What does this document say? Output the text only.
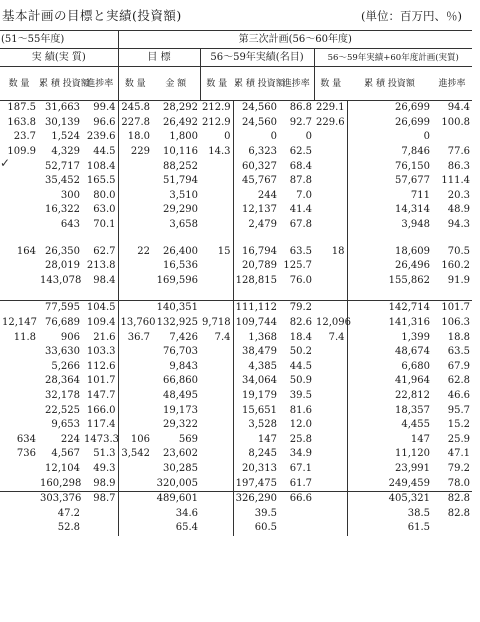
基本計画の目標と実績(投資額)	(単位：百万円、％)
✓
(51〜55年度)			第三次計画(56〜60年度)							
実 績(実 質)			目 標		56〜59年実績(名目)			56〜59年実績+60年度計画(実質)		
数 量	累 積 投資額	進捗率	数 量	金 額	数 量	累 積 投資額	進捗率	数 量	累 積 投資額	進捗率
187.5	31,663	99.4	245.8	28,292	212.9	24,560	86.8	229.1	26,699	94.4
163.8	30,139	96.6	227.8	26,492	212.9	24,560	92.7	229.6	26,699	100.8
23.7	1,524	239.6	18.0	1,800	0	0	0		0	
109.9	4,329	44.5	229	10,116	14.3	6,323	62.5		7,846	77.6
	52,717	108.4		88,252		60,327	68.4		76,150	86.3
	35,452	165.5		51,794		45,767	87.8		57,677	111.4
	300	80.0		3,510		244	7.0		711	20.3
	16,322	63.0		29,290		12,137	41.4		14,314	48.9
	643	70.1		3,658		2,479	67.8		3,948	94.3

164	26,350	62.7	22	26,400	15	16,794	63.5	18	18,609	70.5
	28,019	213.8		16,536		20,789	125.7		26,496	160.2
	143,078	98.4		169,596		128,815	76.0		155,862	91.9

	77,595	104.5		140,351		111,112	79.2		142,714	101.7
12,147	76,689	109.4	13,760	132,925	9,718	109,744	82.6	12,096	141,316	106.3
11.8	906	21.6	36.7	7,426	7.4	1,368	18.4	7.4	1,399	18.8
	33,630	103.3		76,703		38,479	50.2		48,674	63.5
	5,266	112.6		9,843		4,385	44.5		6,680	67.9
	28,364	101.7		66,860		34,064	50.9		41,964	62.8
	32,178	147.7		48,495		19,179	39.5		22,812	46.6
	22,525	166.0		19,173		15,651	81.6		18,357	95.7
	9,653	117.4		29,322		3,528	12.0		4,455	15.2
634	224	1473.3	106	569		147	25.8		147	25.9
736	4,567	51.3	3,542	23,602		8,245	34.9		11,120	47.1
	12,104	49.3		30,285		20,313	67.1		23,991	79.2
	160,298	98.9		320,005		197,475	61.7		249,459	78.0
	303,376	98.7		489,601		326,290	66.6		405,321	82.8
	47.2			34.6		39.5			38.5	82.8
	52.8			65.4		60.5			61.5	
